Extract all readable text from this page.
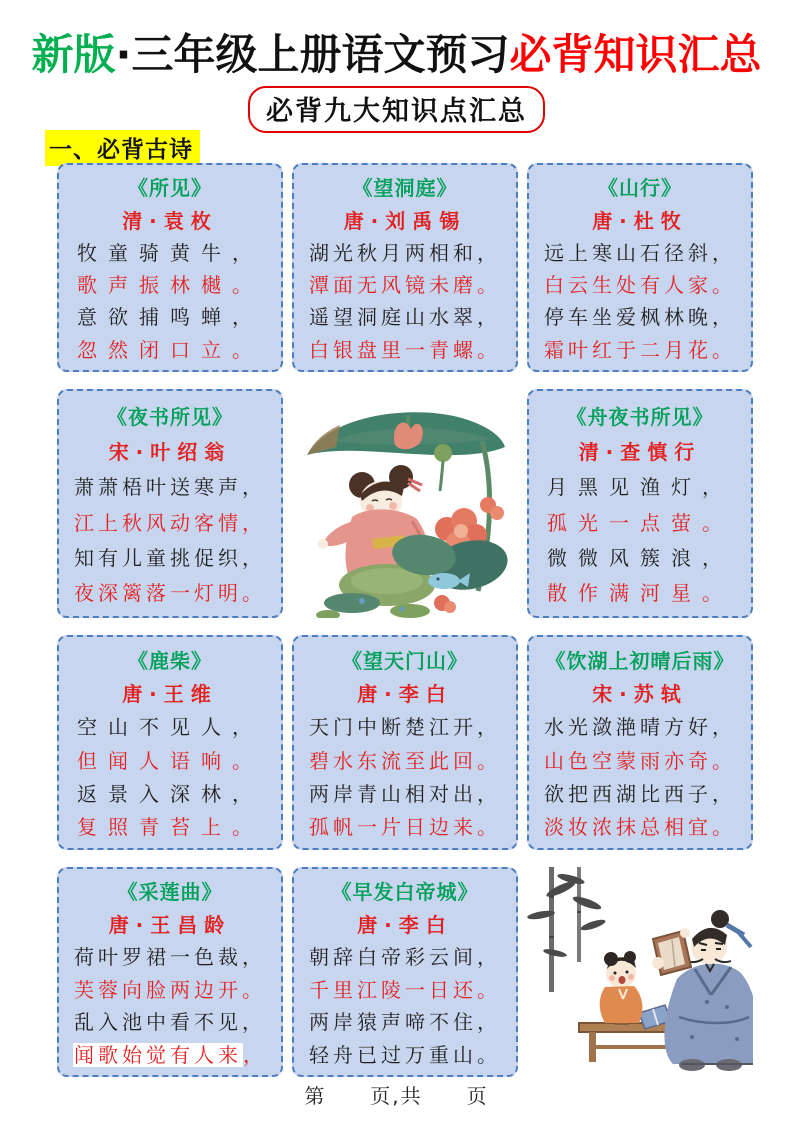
新版·三年级上册语文预习必背知识汇总
必背九大知识点汇总
一、必背古诗
《所见》
清·袁枚
牧童骑黄牛，
歌声振林樾。
意欲捕鸣蝉，
忽然闭口立。
《望洞庭》
唐·刘禹锡
湖光秋月两相和，
潭面无风镜未磨。
遥望洞庭山水翠，
白银盘里一青螺。
《山行》
唐·杜牧
远上寒山石径斜，
白云生处有人家。
停车坐爱枫林晚，
霜叶红于二月花。
《夜书所见》
宋·叶绍翁
萧萧梧叶送寒声，
江上秋风动客情，
知有儿童挑促织，
夜深篱落一灯明。
《舟夜书所见》
清·查慎行
月黑见渔灯，
孤光一点萤。
微微风簇浪，
散作满河星。
《鹿柴》
唐·王维
空山不见人，
但闻人语响。
返景入深林，
复照青苔上。
《望天门山》
唐·李白
天门中断楚江开，
碧水东流至此回。
两岸青山相对出，
孤帆一片日边来。
《饮湖上初晴后雨》
宋·苏轼
水光潋滟晴方好，
山色空蒙雨亦奇。
欲把西湖比西子，
淡妆浓抹总相宜。
《采莲曲》
唐·王昌龄
荷叶罗裙一色裁，
芙蓉向脸两边开。
乱入池中看不见，
闻歌始觉有人来，
《早发白帝城》
唐·李白
朝辞白帝彩云间，
千里江陵一日还。
两岸猿声啼不住，
轻舟已过万重山。
第　　页,共　　页
